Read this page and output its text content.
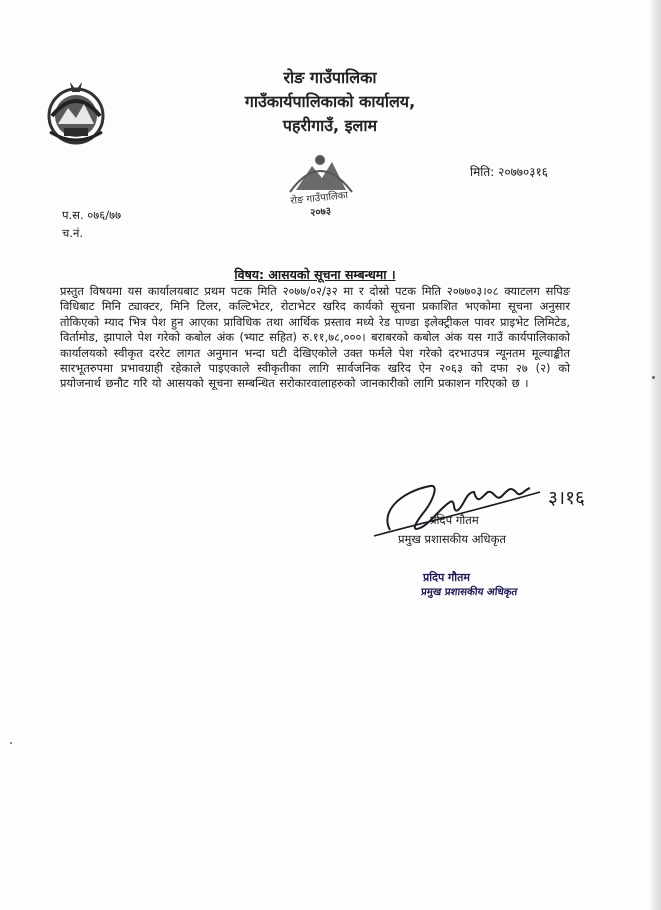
रोङ गाउँपालिका
गाउँकार्यपालिकाको कार्यालय,
पहरीगाउँ, इलाम
रोङ गाउँपालिका
२०७३
मिति: २०७७०३१६
प.स. ०७६/७७
च.नं.
विषय: आसयको सूचना सम्बन्धमा ।
प्रस्तुत विषयमा यस कार्यालयबाट प्रथम पटक मिति २०७७/०२/३२ मा र दोस्रो पटक मिति २०७७०३।०८ क्याटलग सपिङ विधिबाट मिनि ट्याक्टर, मिनि टिलर, कल्टिभेटर, रोटाभेटर खरिद कार्यको सूचना प्रकाशित भएकोमा सूचना अनुसार तोकिएको म्याद भित्र पेश हुन आएका प्राविधिक तथा आर्थिक प्रस्ताव मध्ये रेड पाण्डा इलेक्ट्रीकल पावर प्राइभेट लिमिटेड, विर्तामोड, झापाले पेश गरेको कबोल अंक (भ्याट सहित) रु.११,७८,०००। बराबरको कबोल अंक यस गाउँ कार्यपालिकाको कार्यालयको स्वीकृत दररेट लागत अनुमान भन्दा घटी देखिएकोले उक्त फर्मले पेश गरेको दरभाउपत्र न्यूनतम मूल्याङ्कीत सारभूतरुपमा प्रभावग्राही रहेकाले पाइएकाले स्वीकृतीका लागि सार्वजनिक खरिद ऐन २०६३ को दफा २७ (२) को प्रयोजनार्थ छनौट गरि यो आसयको सूचना सम्बन्धित सरोकारवालाहरुको जानकारीको लागि प्रकाशन गरिएको छ ।
३।१६
प्रदिप गौतम
प्रमुख प्रशासकीय अधिकृत
प्रदिप गौतम
प्रमुख प्रशासकीय अधिकृत
